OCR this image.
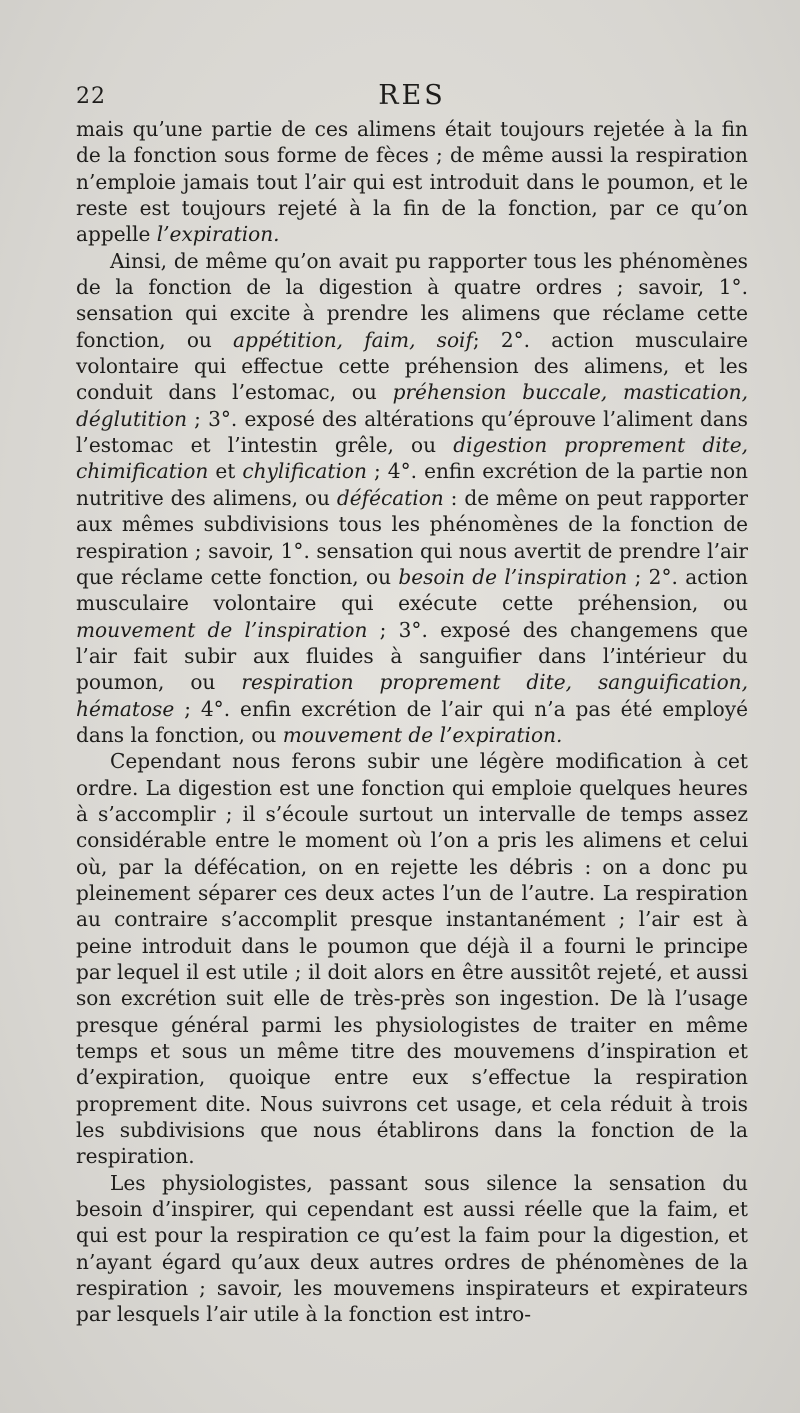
22	RES

mais qu’une partie de ces alimens était toujours rejetée à la fin de la fonction sous forme de fèces ; de même aussi la respiration n’emploie jamais tout l’air qui est introduit dans le poumon, et le reste est toujours rejeté à la fin de la fonction, par ce qu’on appelle l’expiration.

Ainsi, de même qu’on avait pu rapporter tous les phénomènes de la fonction de la digestion à quatre ordres ; savoir, 1°. sensation qui excite à prendre les alimens que réclame cette fonction, ou appétition, faim, soif; 2°. action musculaire volontaire qui effectue cette préhension des alimens, et les conduit dans l’estomac, ou préhension buccale, mastication, déglutition ; 3°. exposé des altérations qu’éprouve l’aliment dans l’estomac et l’intestin grêle, ou digestion proprement dite, chimification et chylification ; 4°. enfin excrétion de la partie non nutritive des alimens, ou défécation : de même on peut rapporter aux mêmes subdivisions tous les phénomènes de la fonction de respiration ; savoir, 1°. sensation qui nous avertit de prendre l’air que réclame cette fonction, ou besoin de l’inspiration ; 2°. action musculaire volontaire qui exécute cette préhension, ou mouvement de l’inspiration ; 3°. exposé des changemens que l’air fait subir aux fluides à sanguifier dans l’intérieur du poumon, ou respiration proprement dite, sanguification, hématose ; 4°. enfin excrétion de l’air qui n’a pas été employé dans la fonction, ou mouvement de l’expiration.

Cependant nous ferons subir une légère modification à cet ordre. La digestion est une fonction qui emploie quelques heures à s’accomplir ; il s’écoule surtout un intervalle de temps assez considérable entre le moment où l’on a pris les alimens et celui où, par la défécation, on en rejette les débris : on a donc pu pleinement séparer ces deux actes l’un de l’autre. La respiration au contraire s’accomplit presque instantanément ; l’air est à peine introduit dans le poumon que déjà il a fourni le principe par lequel il est utile ; il doit alors en être aussitôt rejeté, et aussi son excrétion suit elle de très-près son ingestion. De là l’usage presque général parmi les physiologistes de traiter en même temps et sous un même titre des mouvemens d’inspiration et d’expiration, quoique entre eux s’effectue la respiration proprement dite. Nous suivrons cet usage, et cela réduit à trois les subdivisions que nous établirons dans la fonction de la respiration.

Les physiologistes, passant sous silence la sensation du besoin d’inspirer, qui cependant est aussi réelle que la faim, et qui est pour la respiration ce qu’est la faim pour la digestion, et n’ayant égard qu’aux deux autres ordres de phénomènes de la respiration ; savoir, les mouvemens inspirateurs et expirateurs par lesquels l’air utile à la fonction est intro-
